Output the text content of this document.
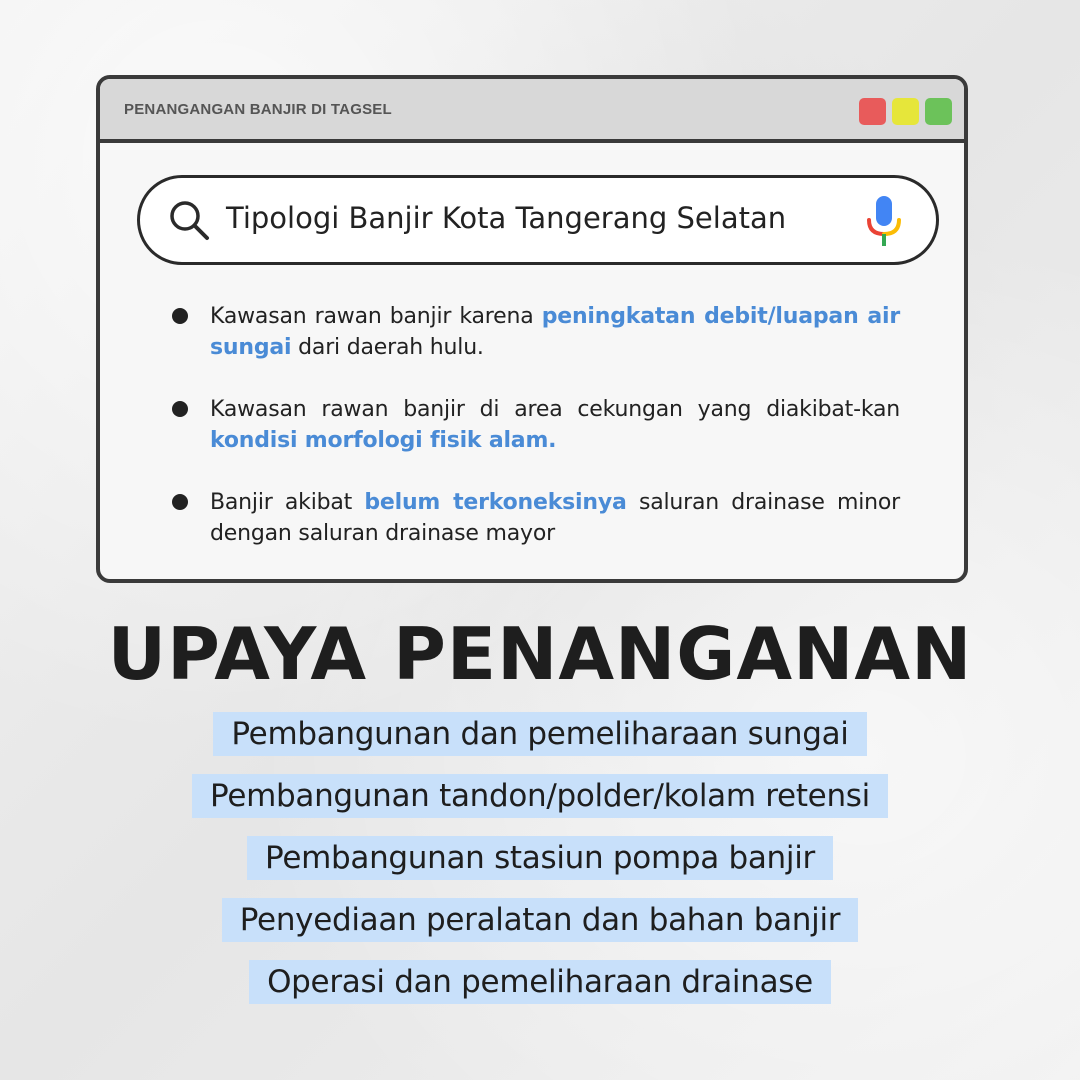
PENANGANGAN BANJIR DI TAGSEL
Tipologi Banjir Kota Tangerang Selatan
Kawasan rawan banjir karena peningkatan debit/luapan air sungai dari daerah hulu.
Kawasan rawan banjir di area cekungan yang diakibat-kan kondisi morfologi fisik alam.
Banjir akibat belum terkoneksinya saluran drainase minor dengan saluran drainase mayor
UPAYA PENANGANAN
Pembangunan dan pemeliharaan sungai
Pembangunan tandon/polder/kolam retensi
Pembangunan stasiun pompa banjir
Penyediaan peralatan dan bahan banjir
Operasi dan pemeliharaan drainase
